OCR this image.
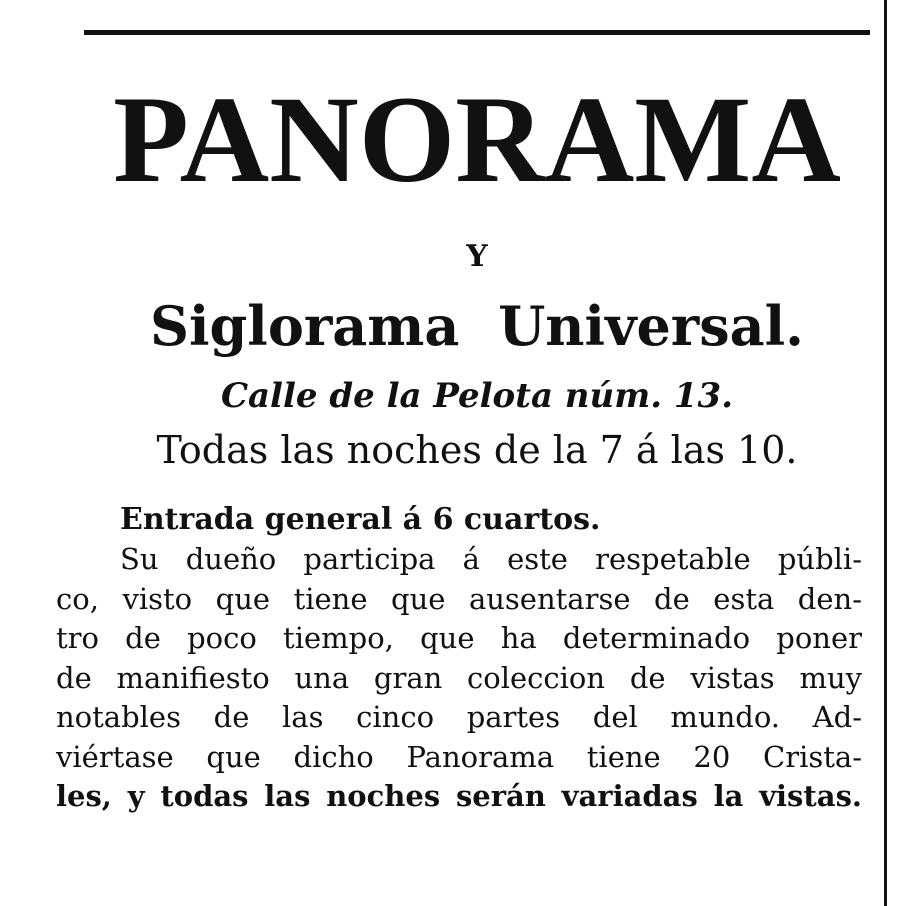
PANORAMA
Y
Siglorama Universal.
Calle de la Pelota núm. 13.
Todas las noches de la 7 á las 10.
Entrada general á 6 cuartos.
Su dueño participa á este respetable públi-
co, visto que tiene que ausentarse de esta den-
tro de poco tiempo, que ha determinado poner
de manifiesto una gran coleccion de vistas muy
notables de las cinco partes del mundo. Ad-
viértase que dicho Panorama tiene 20 Crista-
les, y todas las noches serán variadas la vistas.
